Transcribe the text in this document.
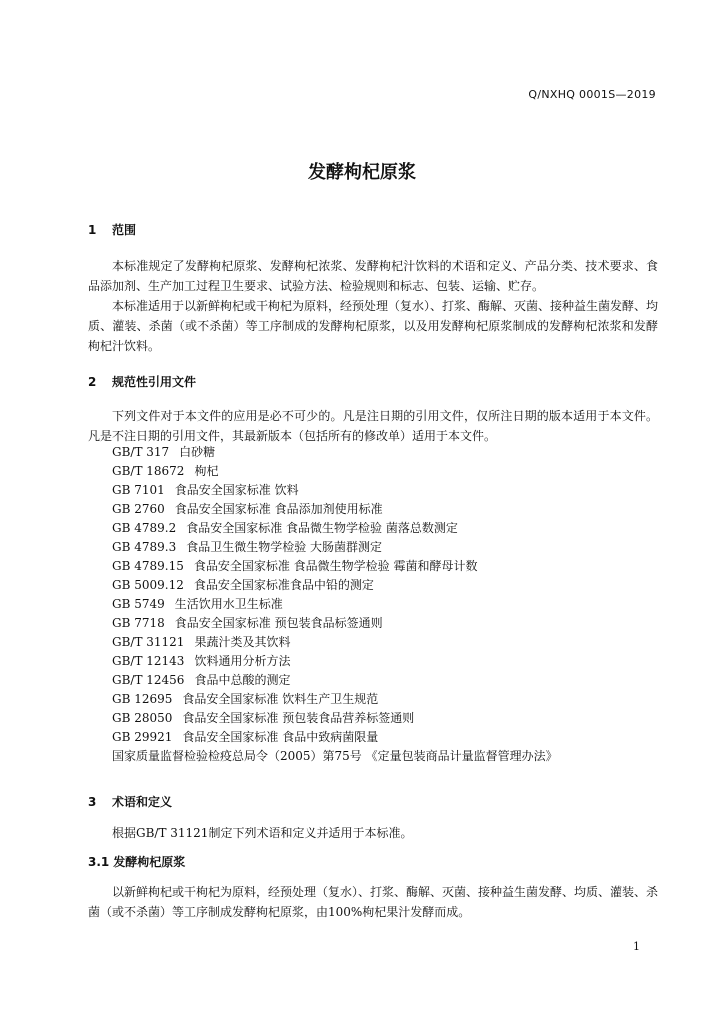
Q/NXHQ 0001S—2019
发酵枸杞原浆
1 范围

本标准规定了发酵枸杞原浆、发酵枸杞浓浆、发酵枸杞汁饮料的术语和定义、产品分类、技术要求、食品添加剂、生产加工过程卫生要求、试验方法、检验规则和标志、包装、运输、贮存。

本标准适用于以新鲜枸杞或干枸杞为原料，经预处理（复水）、打浆、酶解、灭菌、接种益生菌发酵、均质、灌装、杀菌（或不杀菌）等工序制成的发酵枸杞原浆，以及用发酵枸杞原浆制成的发酵枸杞浓浆和发酵枸杞汁饮料。

2 规范性引用文件

下列文件对于本文件的应用是必不可少的。凡是注日期的引用文件，仅所注日期的版本适用于本文件。凡是不注日期的引用文件，其最新版本（包括所有的修改单）适用于本文件。

GB/T 317 白砂糖
GB/T 18672 枸杞
GB 7101 食品安全国家标准 饮料
GB 2760 食品安全国家标准 食品添加剂使用标准
GB 4789.2 食品安全国家标准 食品微生物学检验 菌落总数测定
GB 4789.3 食品卫生微生物学检验 大肠菌群测定
GB 4789.15 食品安全国家标准 食品微生物学检验 霉菌和酵母计数
GB 5009.12 食品安全国家标准食品中铅的测定
GB 5749 生活饮用水卫生标准
GB 7718 食品安全国家标准 预包装食品标签通则
GB/T 31121 果蔬汁类及其饮料
GB/T 12143 饮料通用分析方法
GB/T 12456 食品中总酸的测定
GB 12695 食品安全国家标准 饮料生产卫生规范
GB 28050 食品安全国家标准 预包装食品营养标签通则
GB 29921 食品安全国家标准 食品中致病菌限量
国家质量监督检验检疫总局令（2005）第75号 《定量包装商品计量监督管理办法》
3 术语和定义

根据GB/T 31121制定下列术语和定义并适用于本标准。

3.1 发酵枸杞原浆

以新鲜枸杞或干枸杞为原料，经预处理（复水）、打浆、酶解、灭菌、接种益生菌发酵、均质、灌装、杀菌（或不杀菌）等工序制成发酵枸杞原浆，由100%枸杞果汁发酵而成。

1
